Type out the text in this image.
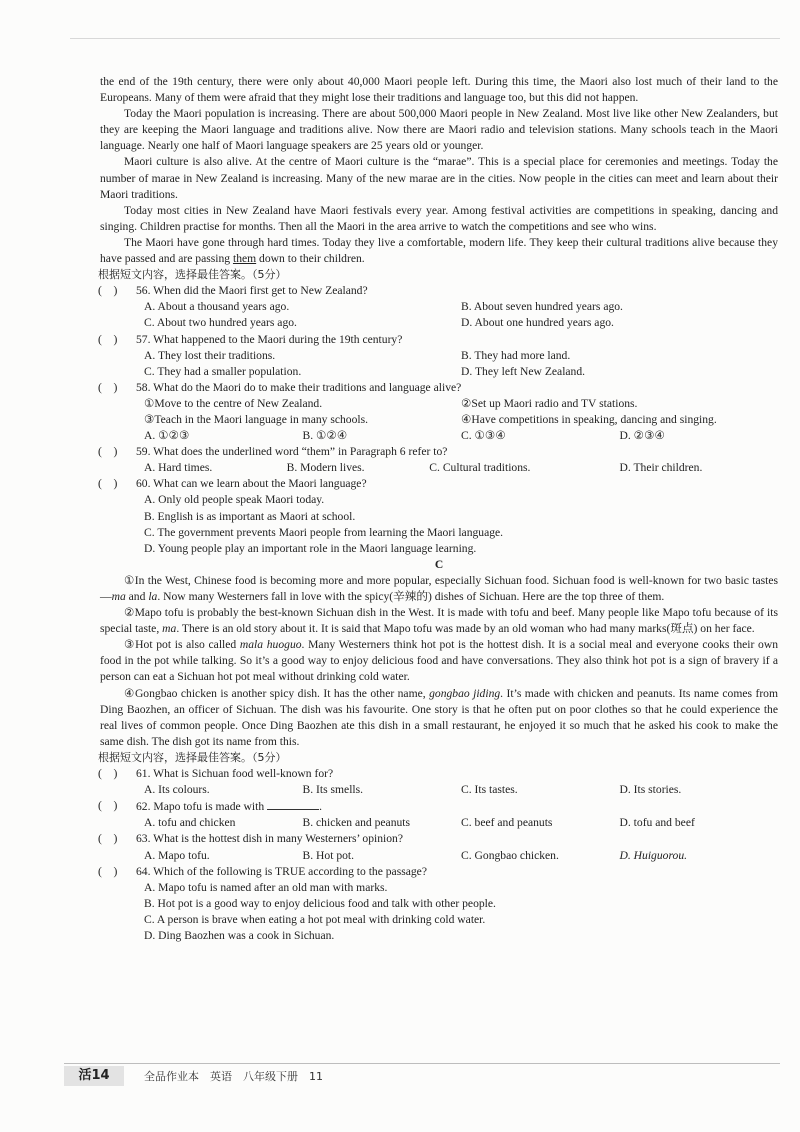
the end of the 19th century, there were only about 40,000 Maori people left. During this time, the Maori also lost much of their land to the Europeans. Many of them were afraid that they might lose their traditions and language too, but this did not happen.

Today the Maori population is increasing. There are about 500,000 Maori people in New Zealand. Most live like other New Zealanders, but they are keeping the Maori language and traditions alive. Now there are Maori radio and television stations. Many schools teach in the Maori language. Nearly one half of Maori language speakers are 25 years old or younger.

Maori culture is also alive. At the centre of Maori culture is the “marae”. This is a special place for ceremonies and meetings. Today the number of marae in New Zealand is increasing. Many of the new marae are in the cities. Now people in the cities can meet and learn about their Maori traditions.

Today most cities in New Zealand have Maori festivals every year. Among festival activities are competitions in speaking, dancing and singing. Children practise for months. Then all the Maori in the area arrive to watch the competitions and see who wins.

The Maori have gone through hard times. Today they live a comfortable, modern life. They keep their cultural traditions alive because they have passed and are passing them down to their children.

根据短文内容，选择最佳答案。（5分）

(　)	56. When did the Maori first get to New Zealand?

A. About a thousand years ago.	B. About seven hundred years ago.
C. About two hundred years ago.	D. About one hundred years ago.

(　)	57. What happened to the Maori during the 19th century?

A. They lost their traditions.	B. They had more land.
C. They had a smaller population.	D. They left New Zealand.

(　)	58. What do the Maori do to make their traditions and language alive?

①Move to the centre of New Zealand.	②Set up Maori radio and TV stations.
③Teach in the Maori language in many schools.	④Have competitions in speaking, dancing and singing.
A. ①②③	B. ①②④	C. ①③④	D. ②③④

(　)	59. What does the underlined word “them” in Paragraph 6 refer to?

A. Hard times.	B. Modern lives.	C. Cultural traditions.	D. Their children.

(　)	60. What can we learn about the Maori language?

A. Only old people speak Maori today.
B. English is as important as Maori at school.
C. The government prevents Maori people from learning the Maori language.
D. Young people play an important role in the Maori language learning.

C

①In the West, Chinese food is becoming more and more popular, especially Sichuan food. Sichuan food is well-known for two basic tastes—ma and la. Now many Westerners fall in love with the spicy(辛辣的) dishes of Sichuan. Here are the top three of them.

②Mapo tofu is probably the best-known Sichuan dish in the West. It is made with tofu and beef. Many people like Mapo tofu because of its special taste, ma. There is an old story about it. It is said that Mapo tofu was made by an old woman who had many marks(斑点) on her face.

③Hot pot is also called mala huoguo. Many Westerners think hot pot is the hottest dish. It is a social meal and everyone cooks their own food in the pot while talking. So it’s a good way to enjoy delicious food and have conversations. They also think hot pot is a sign of bravery if a person can eat a Sichuan hot pot meal without drinking cold water.

④Gongbao chicken is another spicy dish. It has the other name, gongbao jiding. It’s made with chicken and peanuts. Its name comes from Ding Baozhen, an officer of Sichuan. The dish was his favourite. One story is that he often put on poor clothes so that he could experience the real lives of common people. Once Ding Baozhen ate this dish in a small restaurant, he enjoyed it so much that he asked his cook to make the same dish. The dish got its name from this.

根据短文内容，选择最佳答案。（5分）

(　)	61. What is Sichuan food well-known for?

A. Its colours.	B. Its smells.	C. Its tastes.	D. Its stories.

(　)	62. Mapo tofu is made with	.

A. tofu and chicken	B. chicken and peanuts	C. beef and peanuts	D. tofu and beef

(　)	63. What is the hottest dish in many Westerners’ opinion?

A. Mapo tofu.	B. Hot pot.	C. Gongbao chicken.	D. Huiguorou.

(　)	64. Which of the following is TRUE according to the passage?

A. Mapo tofu is named after an old man with marks.
B. Hot pot is a good way to enjoy delicious food and talk with other people.
C. A person is brave when eating a hot pot meal with drinking cold water.
D. Ding Baozhen was a cook in Sichuan.
活14	全品作业本　英语　八年级下册　11
